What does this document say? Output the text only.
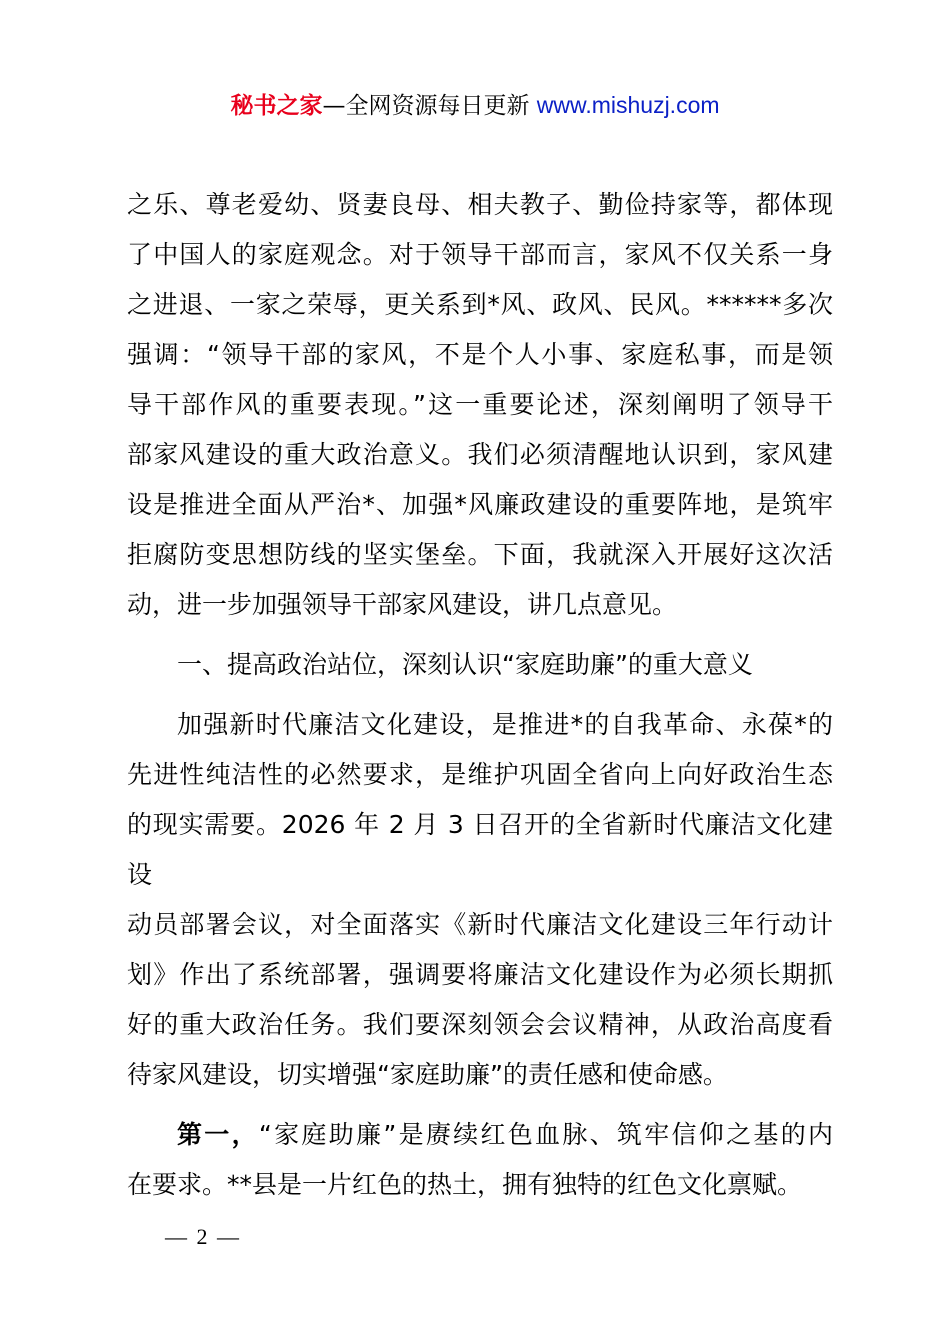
秘书之家—全网资源每日更新 www.mishuzj.com

之乐、尊老爱幼、贤妻良母、相夫教子、勤俭持家等，都体现

了中国人的家庭观念。对于领导干部而言，家风不仅关系一身

之进退、一家之荣辱，更关系到*风、政风、民风。******多次

强调：“领导干部的家风，不是个人小事、家庭私事，而是领

导干部作风的重要表现。”这一重要论述，深刻阐明了领导干

部家风建设的重大政治意义。我们必须清醒地认识到，家风建

设是推进全面从严治*、加强*风廉政建设的重要阵地，是筑牢

拒腐防变思想防线的坚实堡垒。下面，我就深入开展好这次活

动，进一步加强领导干部家风建设，讲几点意见。

一、提高政治站位，深刻认识“家庭助廉”的重大意义

加强新时代廉洁文化建设，是推进*的自我革命、永葆*的

先进性纯洁性的必然要求，是维护巩固全省向上向好政治生态

的现实需要。2026 年 2 月 3 日召开的全省新时代廉洁文化建设

动员部署会议，对全面落实《新时代廉洁文化建设三年行动计

划》作出了系统部署，强调要将廉洁文化建设作为必须长期抓

好的重大政治任务。我们要深刻领会会议精神，从政治高度看

待家风建设，切实增强“家庭助廉”的责任感和使命感。

第一，“家庭助廉”是赓续红色血脉、筑牢信仰之基的内

在要求。**县是一片红色的热土，拥有独特的红色文化禀赋。

— 2 —
